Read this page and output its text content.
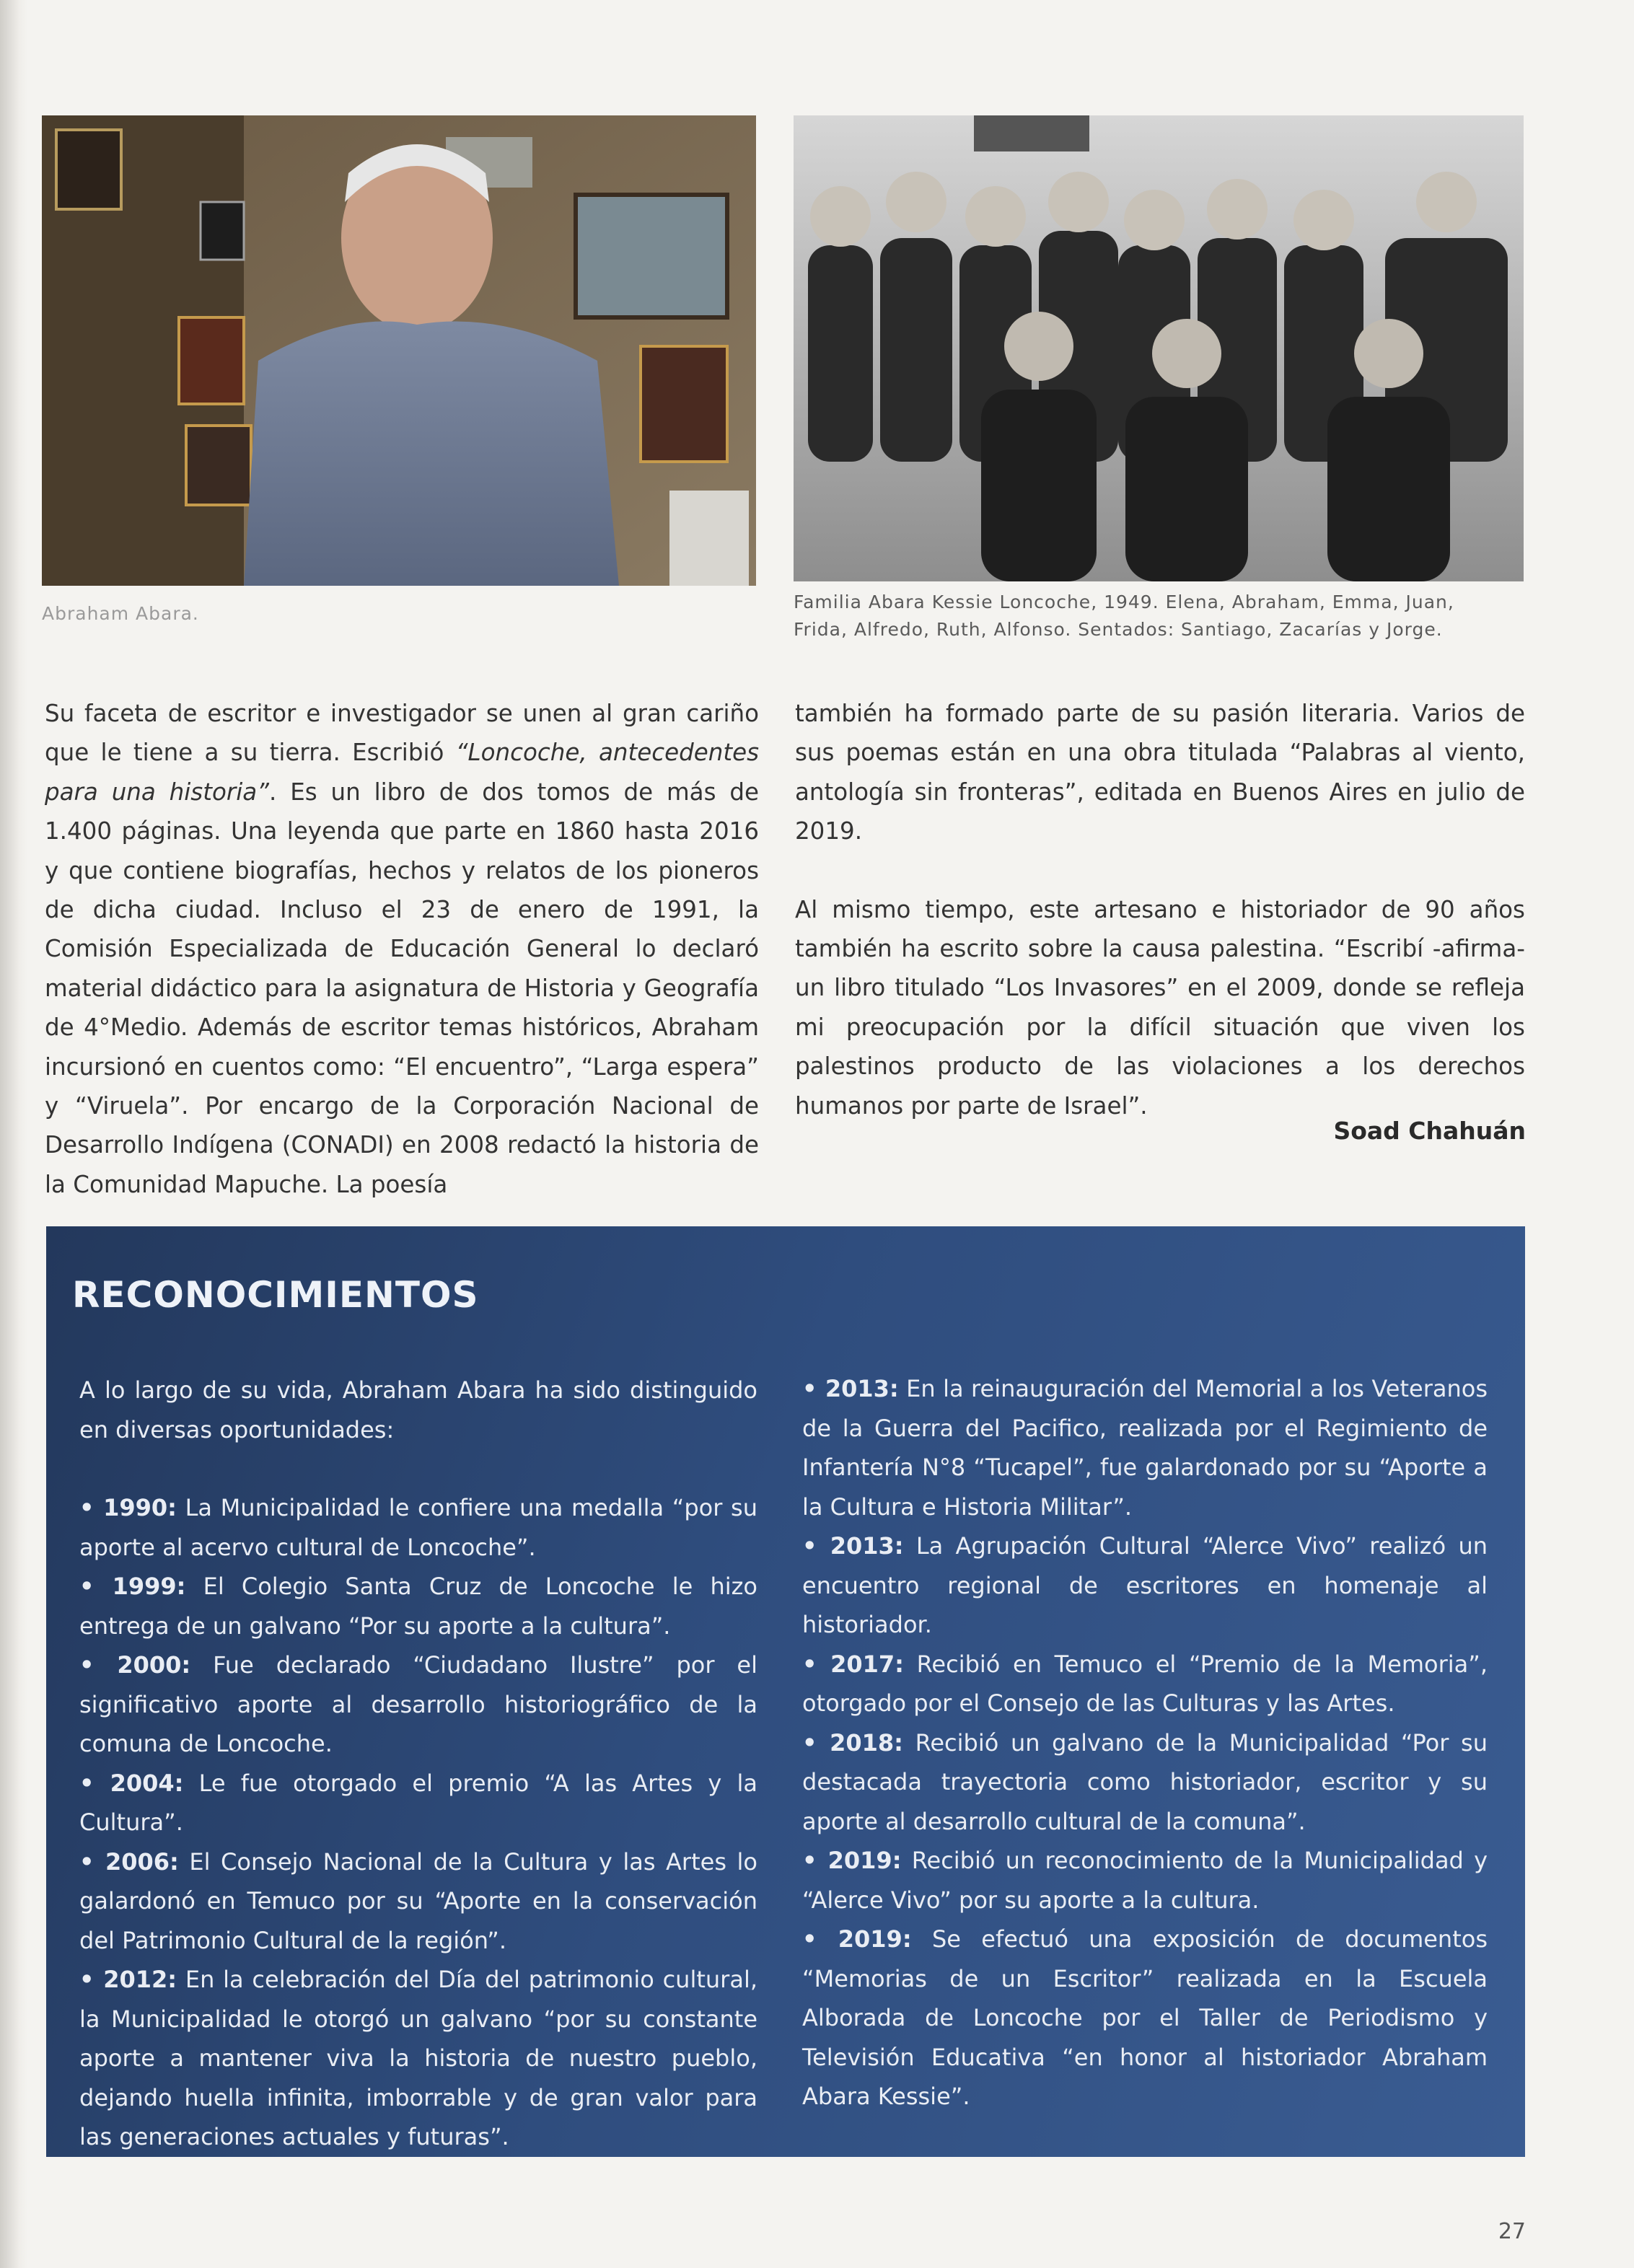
Abraham Abara.
Familia Abara Kessie Loncoche, 1949. Elena, Abraham, Emma, Juan,
Frida, Alfredo, Ruth, Alfonso. Sentados: Santiago, Zacarías y Jorge.

Su faceta de escritor e investigador se unen al gran cariño que le tiene a su tierra. Escribió “Loncoche, antecedentes para una historia”. Es un libro de dos tomos de más de 1.400 páginas. Una leyenda que parte en 1860 hasta 2016 y que contiene biografías, hechos y relatos de los pioneros de dicha ciudad. Incluso el 23 de enero de 1991, la Comisión Especializada de Educación General lo declaró material didáctico para la asignatura de Historia y Geografía de 4°Medio. Además de escritor temas históricos, Abraham incursionó en cuentos como: “El encuentro”, “Larga espera” y “Viruela”. Por encargo de la Corporación Nacional de Desarrollo Indígena (CONADI) en 2008 redactó la historia de la Comunidad Mapuche. La poesía

también ha formado parte de su pasión literaria. Varios de sus poemas están en una obra titulada “Palabras al viento, antología sin fronteras”, editada en Buenos Aires en julio de 2019.

Al mismo tiempo, este artesano e historiador de 90 años también ha escrito sobre la causa palestina. “Escribí -afirma- un libro titulado “Los Invasores” en el 2009, donde se refleja mi preocupación por la difícil situación que viven los palestinos producto de las violaciones a los derechos humanos por parte de Israel”.

Soad Chahuán
RECONOCIMIENTOS

A lo largo de su vida, Abraham Abara ha sido distinguido en diversas oportunidades:

• 1990: La Municipalidad le confiere una medalla “por su aporte al acervo cultural de Loncoche”.

• 1999: El Colegio Santa Cruz de Loncoche le hizo entrega de un galvano “Por su aporte a la cultura”.

• 2000: Fue declarado “Ciudadano Ilustre” por el significativo aporte al desarrollo historiográfico de la comuna de Loncoche.

• 2004: Le fue otorgado el premio “A las Artes y la Cultura”.

• 2006: El Consejo Nacional de la Cultura y las Artes lo galardonó en Temuco por su “Aporte en la conservación del Patrimonio Cultural de la región”.

• 2012: En la celebración del Día del patrimonio cultural, la Municipalidad le otorgó un galvano “por su constante aporte a mantener viva la historia de nuestro pueblo, dejando huella infinita, imborrable y de gran valor para las generaciones actuales y futuras”.

• 2013: En la reinauguración del Memorial a los Veteranos de la Guerra del Pacifico, realizada por el Regimiento de Infantería N°8 “Tucapel”, fue galardonado por su “Aporte a la Cultura e Historia Militar”.

• 2013: La Agrupación Cultural “Alerce Vivo” realizó un encuentro regional de escritores en homenaje al historiador.

• 2017: Recibió en Temuco el “Premio de la Memoria”, otorgado por el Consejo de las Culturas y las Artes.

• 2018: Recibió un galvano de la Municipalidad “Por su destacada trayectoria como historiador, escritor y su aporte al desarrollo cultural de la comuna”.

• 2019: Recibió un reconocimiento de la Municipalidad y “Alerce Vivo” por su aporte a la cultura.

• 2019: Se efectuó una exposición de documentos “Memorias de un Escritor” realizada en la Escuela Alborada de Loncoche por el Taller de Periodismo y Televisión Educativa “en honor al historiador Abraham Abara Kessie”.

27
